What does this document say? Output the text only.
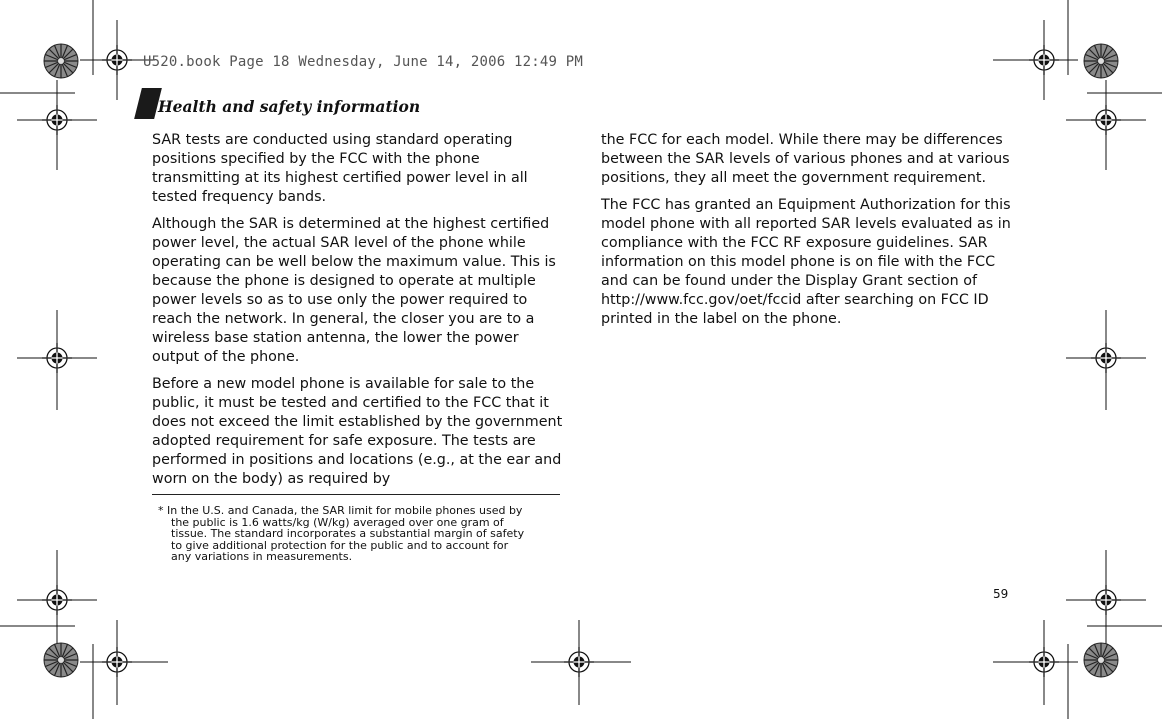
U520.book Page 18 Wednesday, June 14, 2006 12:49 PM
Health and safety information

SAR tests are conducted using standard operating positions specified by the FCC with the phone transmitting at its highest certified power level in all tested frequency bands.

Although the SAR is determined at the highest certified power level, the actual SAR level of the phone while operating can be well below the maximum value. This is because the phone is designed to operate at multiple power levels so as to use only the power required to reach the network. In general, the closer you are to a wireless base station antenna, the lower the power output of the phone.

Before a new model phone is available for sale to the public, it must be tested and certified to the FCC that it does not exceed the limit established by the government adopted requirement for safe exposure. The tests are performed in positions and locations (e.g., at the ear and worn on the body) as required by

the FCC for each model. While there may be differences between the SAR levels of various phones and at various positions, they all meet the government requirement.

The FCC has granted an Equipment Authorization for this model phone with all reported SAR levels evaluated as in compliance with the FCC RF exposure guidelines. SAR information on this model phone is on file with the FCC and can be found under the Display Grant section of http://www.fcc.gov/oet/fccid after searching on FCC ID printed in the label on the phone.

* In the U.S. and Canada, the SAR limit for mobile phones used by the public is 1.6 watts/kg (W/kg) averaged over one gram of tissue. The standard incorporates a substantial margin of safety to give additional protection for the public and to account for any variations in measurements.
59
